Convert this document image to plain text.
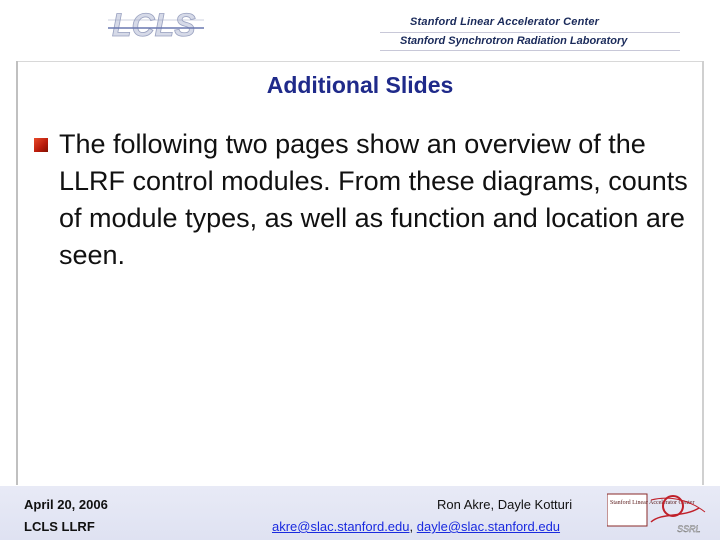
LCLS	Stanford Linear Accelerator Center
Stanford Synchrotron Radiation Laboratory
Additional Slides
The following two pages show an overview of the LLRF control modules. From these diagrams, counts of module types, as well as function and location are seen.
April 20, 2006
LCLS LLRF
Ron Akre, Dayle Kotturi
akre@slac.stanford.edu, dayle@slac.stanford.edu
Stanford Linear Accelerator Center
SSRL
